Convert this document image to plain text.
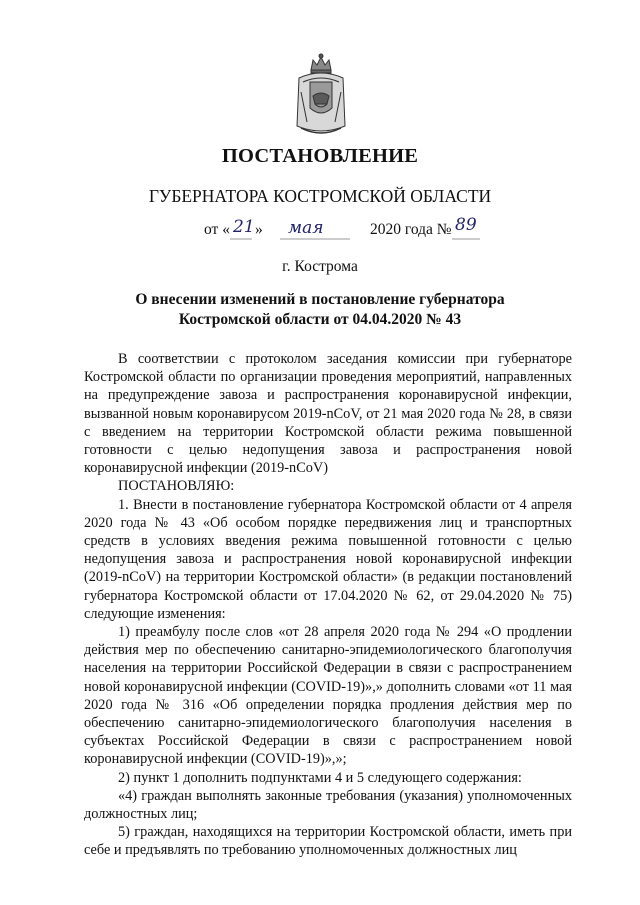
ПОСТАНОВЛЕНИЕ
ГУБЕРНАТОРА КОСТРОМСКОЙ ОБЛАСТИ
от « 21 » мая	2020 года № 89
г. Кострома
О внесении изменений в постановление губернатора
Костромской области от 04.04.2020 № 43

В соответствии с протоколом заседания комиссии при губернаторе Костромской области по организации проведения мероприятий, направленных на предупреждение завоза и распространения коронавирусной инфекции, вызванной новым коронавирусом 2019-nCoV, от 21 мая 2020 года № 28, в связи с введением на территории Костромской области режима повышенной готовности с целью недопущения завоза и распространения новой коронавирусной инфекции (2019-nCoV)

ПОСТАНОВЛЯЮ:

1. Внести в постановление губернатора Костромской области от 4 апреля 2020 года № 43 «Об особом порядке передвижения лиц и транспортных средств в условиях введения режима повышенной готовности с целью недопущения завоза и распространения новой коронавирусной инфекции (2019-nCoV) на территории Костромской области» (в редакции постановлений губернатора Костромской области от 17.04.2020 № 62, от 29.04.2020 № 75) следующие изменения:

1) преамбулу после слов «от 28 апреля 2020 года № 294 «О продлении действия мер по обеспечению санитарно-эпидемиологического благополучия населения на территории Российской Федерации в связи с распространением новой коронавирусной инфекции (COVID-19)»,» дополнить словами «от 11 мая 2020 года № 316 «Об определении порядка продления действия мер по обеспечению санитарно-эпидемиологического благополучия населения в субъектах Российской Федерации в связи с распространением новой коронавирусной инфекции (COVID-19)»,»;

2) пункт 1 дополнить подпунктами 4 и 5 следующего содержания:

«4) граждан выполнять законные требования (указания) уполномоченных должностных лиц;

5) граждан, находящихся на территории Костромской области, иметь при себе и предъявлять по требованию уполномоченных должностных лиц
